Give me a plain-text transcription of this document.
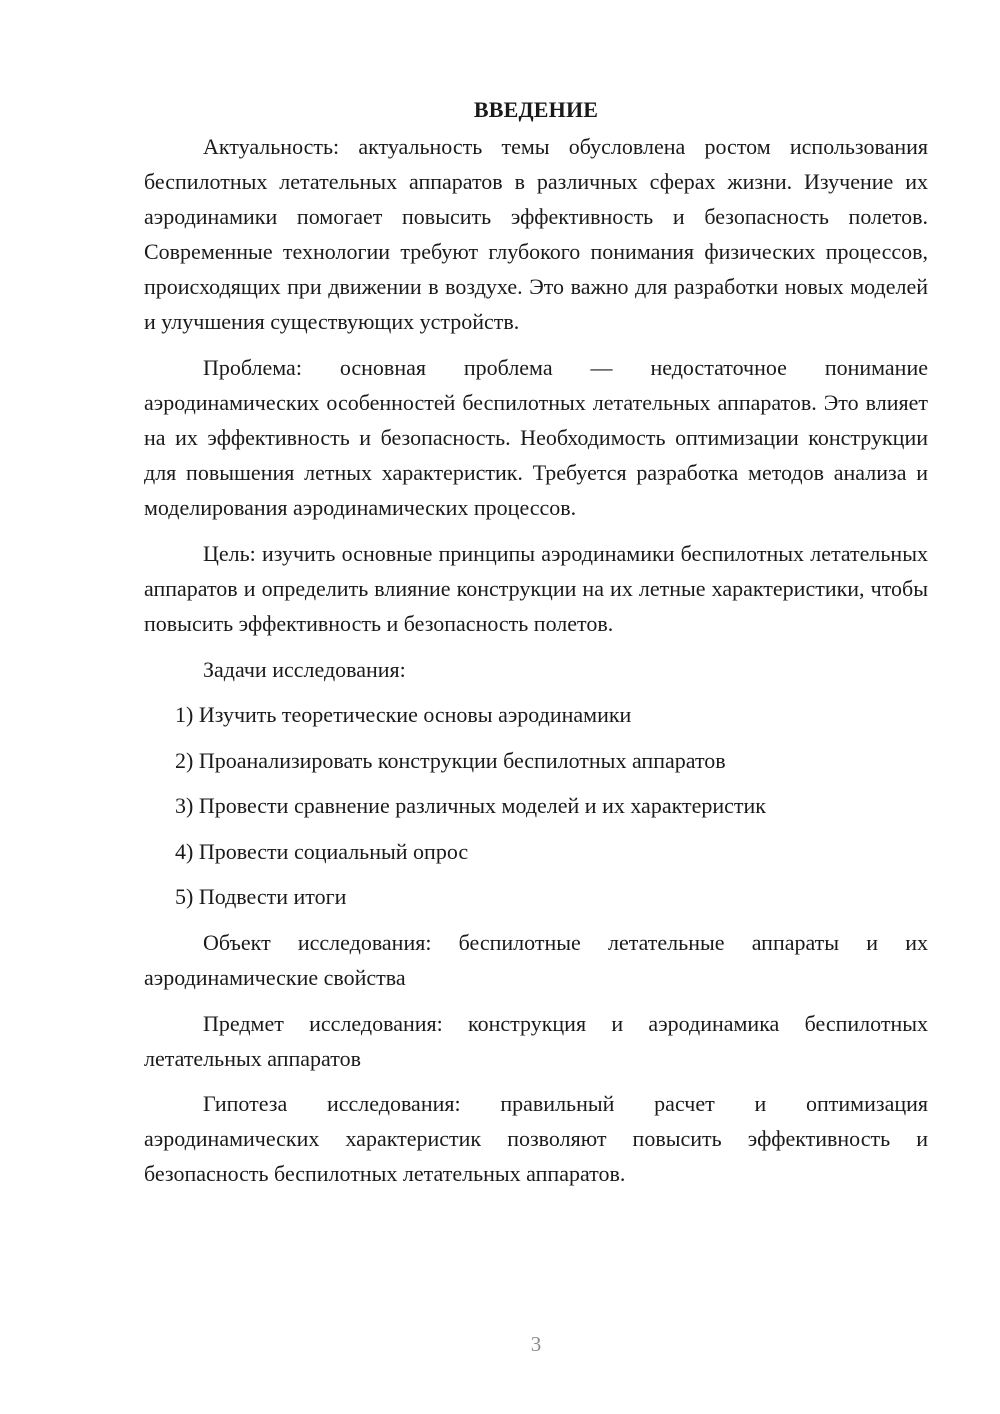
ВВЕДЕНИЕ

Актуальность: актуальность темы обусловлена ростом использования беспилотных летательных аппаратов в различных сферах жизни. Изучение их аэродинамики помогает повысить эффективность и безопасность полетов. Современные технологии требуют глубокого понимания физических процессов, происходящих при движении в воздухе. Это важно для разработки новых моделей и улучшения существующих устройств.

Проблема: основная проблема — недостаточное понимание аэродинамических особенностей беспилотных летательных аппаратов. Это влияет на их эффективность и безопасность. Необходимость оптимизации конструкции для повышения летных характеристик. Требуется разработка методов анализа и моделирования аэродинамических процессов.

Цель: изучить основные принципы аэродинамики беспилотных летательных аппаратов и определить влияние конструкции на их летные характеристики, чтобы повысить эффективность и безопасность полетов.

Задачи исследования:

1) Изучить теоретические основы аэродинамики
2) Проанализировать конструкции беспилотных аппаратов
3) Провести сравнение различных моделей и их характеристик
4) Провести социальный опрос
5) Подвести итоги

Объект исследования: беспилотные летательные аппараты и их аэродинамические свойства

Предмет исследования: конструкция и аэродинамика беспилотных летательных аппаратов

Гипотеза исследования: правильный расчет и оптимизация аэродинамических характеристик позволяют повысить эффективность и безопасность беспилотных летательных аппаратов.

3
